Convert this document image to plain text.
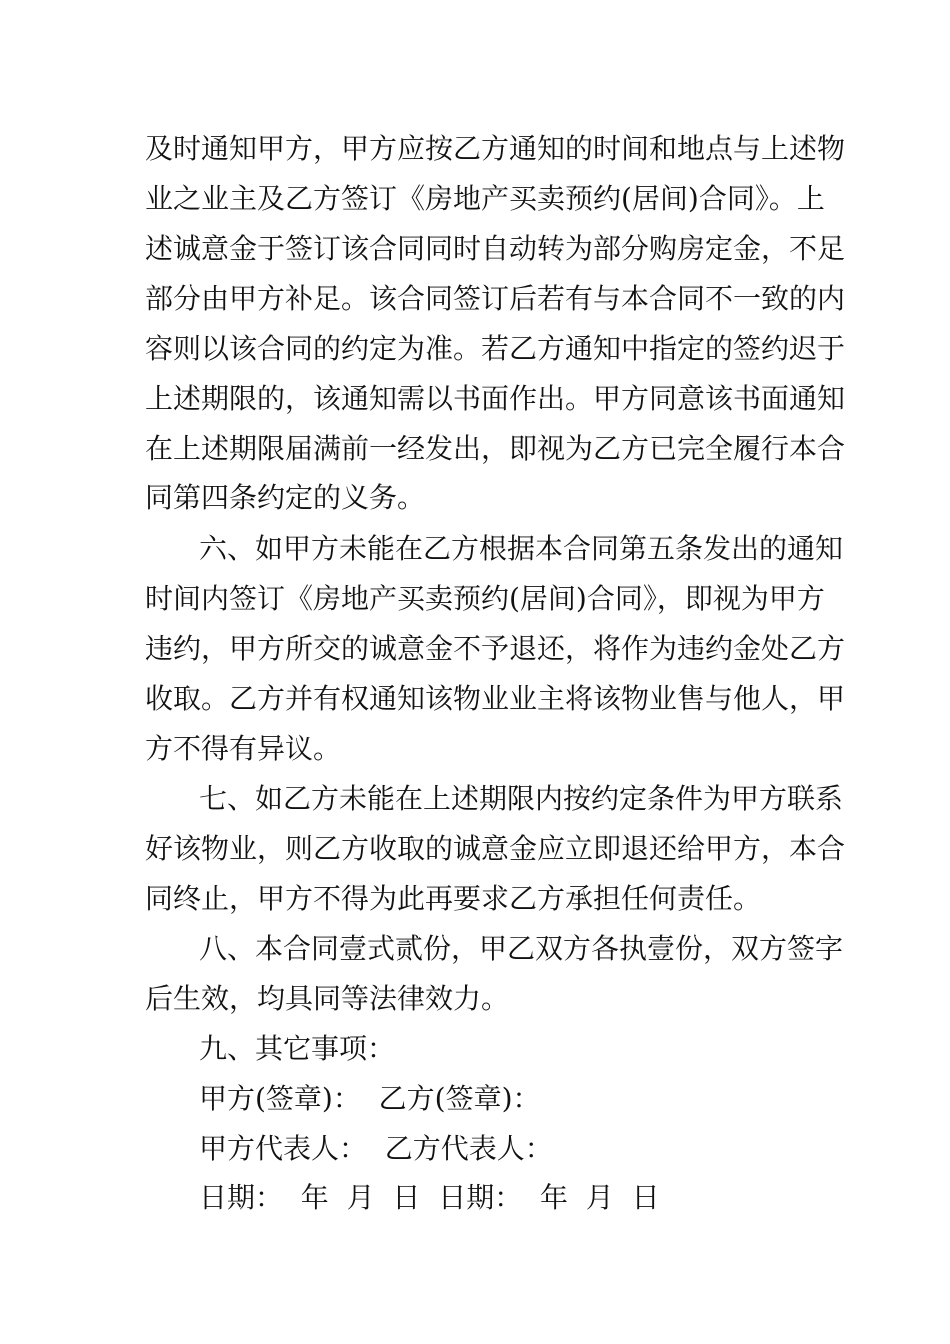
及时通知甲方，甲方应按乙方通知的时间和地点与上述物
业之业主及乙方签订《房地产买卖预约(居间)合同》。上
述诚意金于签订该合同同时自动转为部分购房定金，不足
部分由甲方补足。该合同签订后若有与本合同不一致的内
容则以该合同的约定为准。若乙方通知中指定的签约迟于
上述期限的，该通知需以书面作出。甲方同意该书面通知
在上述期限届满前一经发出，即视为乙方已完全履行本合
同第四条约定的义务。
六、如甲方未能在乙方根据本合同第五条发出的通知
时间内签订《房地产买卖预约(居间)合同》，即视为甲方
违约，甲方所交的诚意金不予退还，将作为违约金处乙方
收取。乙方并有权通知该物业业主将该物业售与他人，甲
方不得有异议。
七、如乙方未能在上述期限内按约定条件为甲方联系
好该物业，则乙方收取的诚意金应立即退还给甲方，本合
同终止，甲方不得为此再要求乙方承担任何责任。
八、本合同壹式贰份，甲乙双方各执壹份，双方签字
后生效，均具同等法律效力。
九、其它事项：
甲方(签章)：  乙方(签章)：
甲方代表人：  乙方代表人：
日期：  年  月  日  日期：  年  月  日
